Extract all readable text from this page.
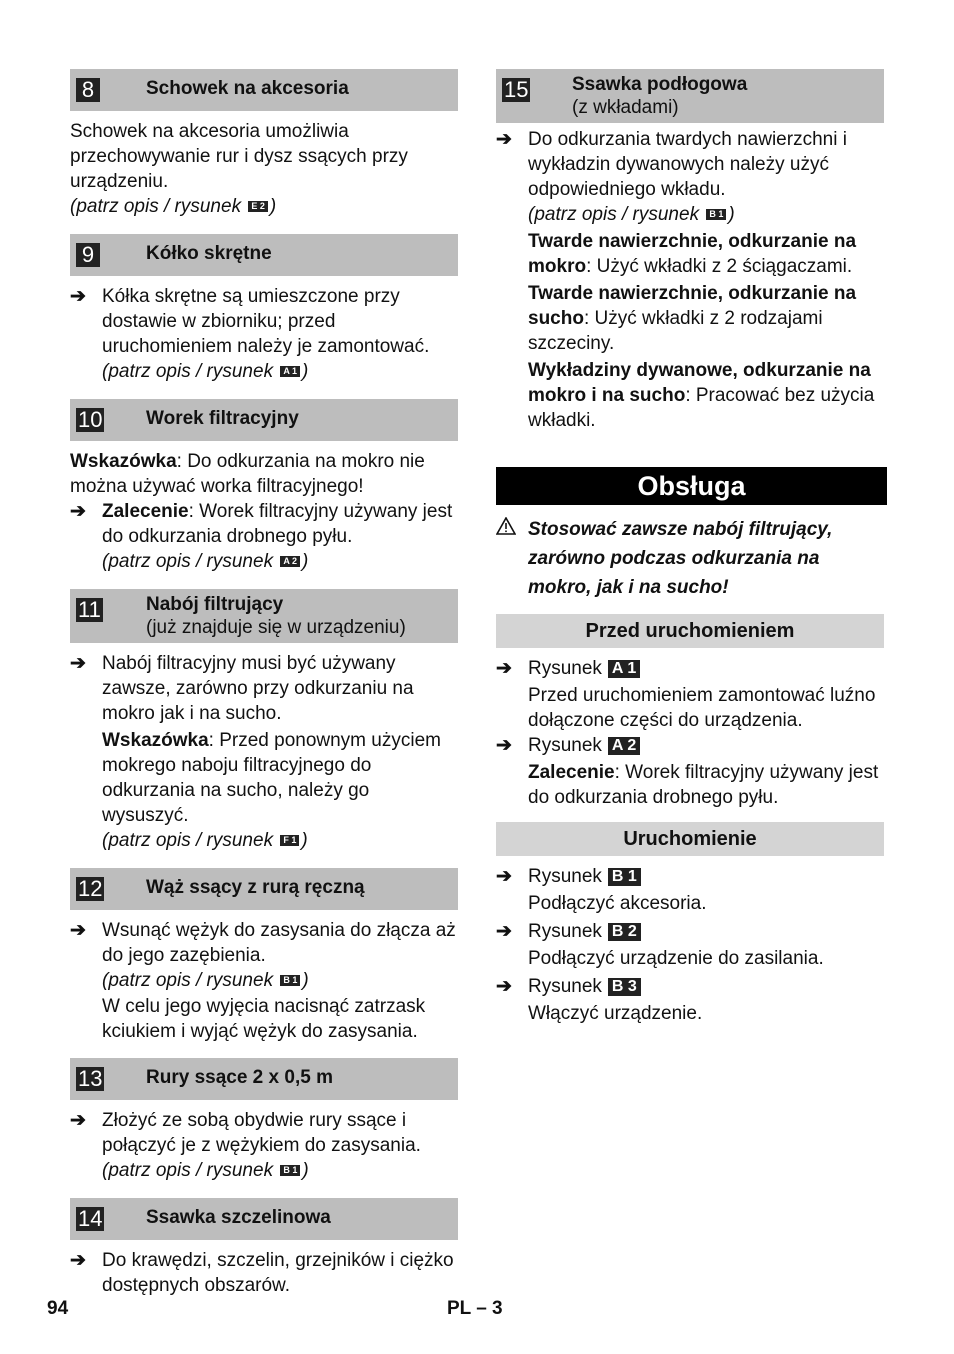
8	Schowek na akcesoria

Schowek na akcesoria umożliwia przechowywanie rur i dysz ssących przy urządzeniu.

(patrz opis / rysunek E 2 )
9	Kółko skrętne
➔ Kółka skrętne są umieszczone przy dostawie w zbiorniku; przed uruchomieniem należy je zamontować.
(patrz opis / rysunek A 1 )
10 Worek filtracyjny

Wskazówka: Do odkurzania na mokro nie można używać worka filtracyjnego!

➔ Zalecenie: Worek filtracyjny używany jest do odkurzania drobnego pyłu.
(patrz opis / rysunek A 2 )
11 Nabój filtrujący
(już znajduje się w urządzeniu)
➔ Nabój filtracyjny musi być używany zawsze, zarówno przy odkurzaniu na mokro jak i na sucho.
Wskazówka: Przed ponownym użyciem mokrego naboju filtracyjnego do odkurzania na sucho, należy go wysuszyć.
(patrz opis / rysunek F 1 )
12 Wąż ssący z rurą ręczną
➔ Wsunąć wężyk do zasysania do złącza aż do jego zazębienia.
(patrz opis / rysunek B 1 )
W celu jego wyjęcia nacisnąć zatrzask kciukiem i wyjąć wężyk do zasysania.
13 Rury ssące 2 x 0,5 m
➔ Złożyć ze sobą obydwie rury ssące i połączyć je z wężykiem do zasysania.
(patrz opis / rysunek B 1 )
14 Ssawka szczelinowa
➔ Do krawędzi, szczelin, grzejników i ciężko dostępnych obszarów.
15 Ssawka podłogowa
(z wkładami)
➔ Do odkurzania twardych nawierzchni i wykładzin dywanowych należy użyć odpowiedniego wkładu.
(patrz opis / rysunek B 1 )
Twarde nawierzchnie, odkurzanie na mokro: Użyć wkładki z 2 ściągaczami.
Twarde nawierzchnie, odkurzanie na sucho: Użyć wkładki z 2 rodzajami szczeciny.
Wykładziny dywanowe, odkurzanie na mokro i na sucho: Pracować bez użycia wkładki.
Obsługa

Stosować zawsze nabój filtrujący, zarówno podczas odkurzania na mokro, jak i na sucho!

Przed uruchomieniem
➔ Rysunek A 1
Przed uruchomieniem zamontować luźno dołączone części do urządzenia.
➔ Rysunek A 2
Zalecenie: Worek filtracyjny używany jest do odkurzania drobnego pyłu.
Uruchomienie
➔ Rysunek B 1
Podłączyć akcesoria.
➔ Rysunek B 2
Podłączyć urządzenie do zasilania.
➔ Rysunek B 3
Włączyć urządzenie.
94	PL – 3
